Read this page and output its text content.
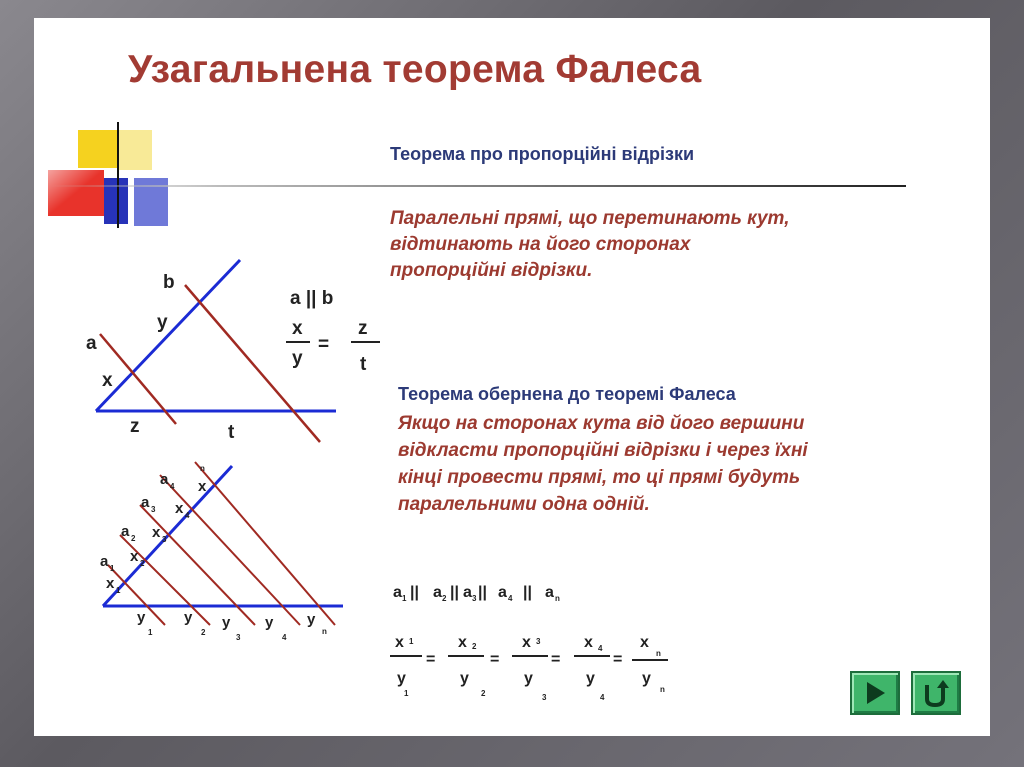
Узагальнена теорема Фалеса
Теорема про пропорційні відрізки
Паралельні прямі, що перетинають кут,
відтинають на його сторонах
пропорційні відрізки.
Теорема обернена до теоремі Фалеса
Якщо на сторонах кута від його вершини
відкласти пропорційні відрізки і через їхні
кінці провести прямі, то ці прямі будуть
паралельними одна одній.
b
y
a
x
z	t
a || b
x
y
=
z
t
a 1
a 2
a 3
a 4
x 1
x 2
x 3
x 4
x
n
y
1
y
2
y
3
y
4
y
n
a 1 || a 2 || a 3 || a 4 || a n
x 1
y
1
=
x 2
y
2
=
x 3
y
3
=
x 4
y
4
=
x
n
y
n
